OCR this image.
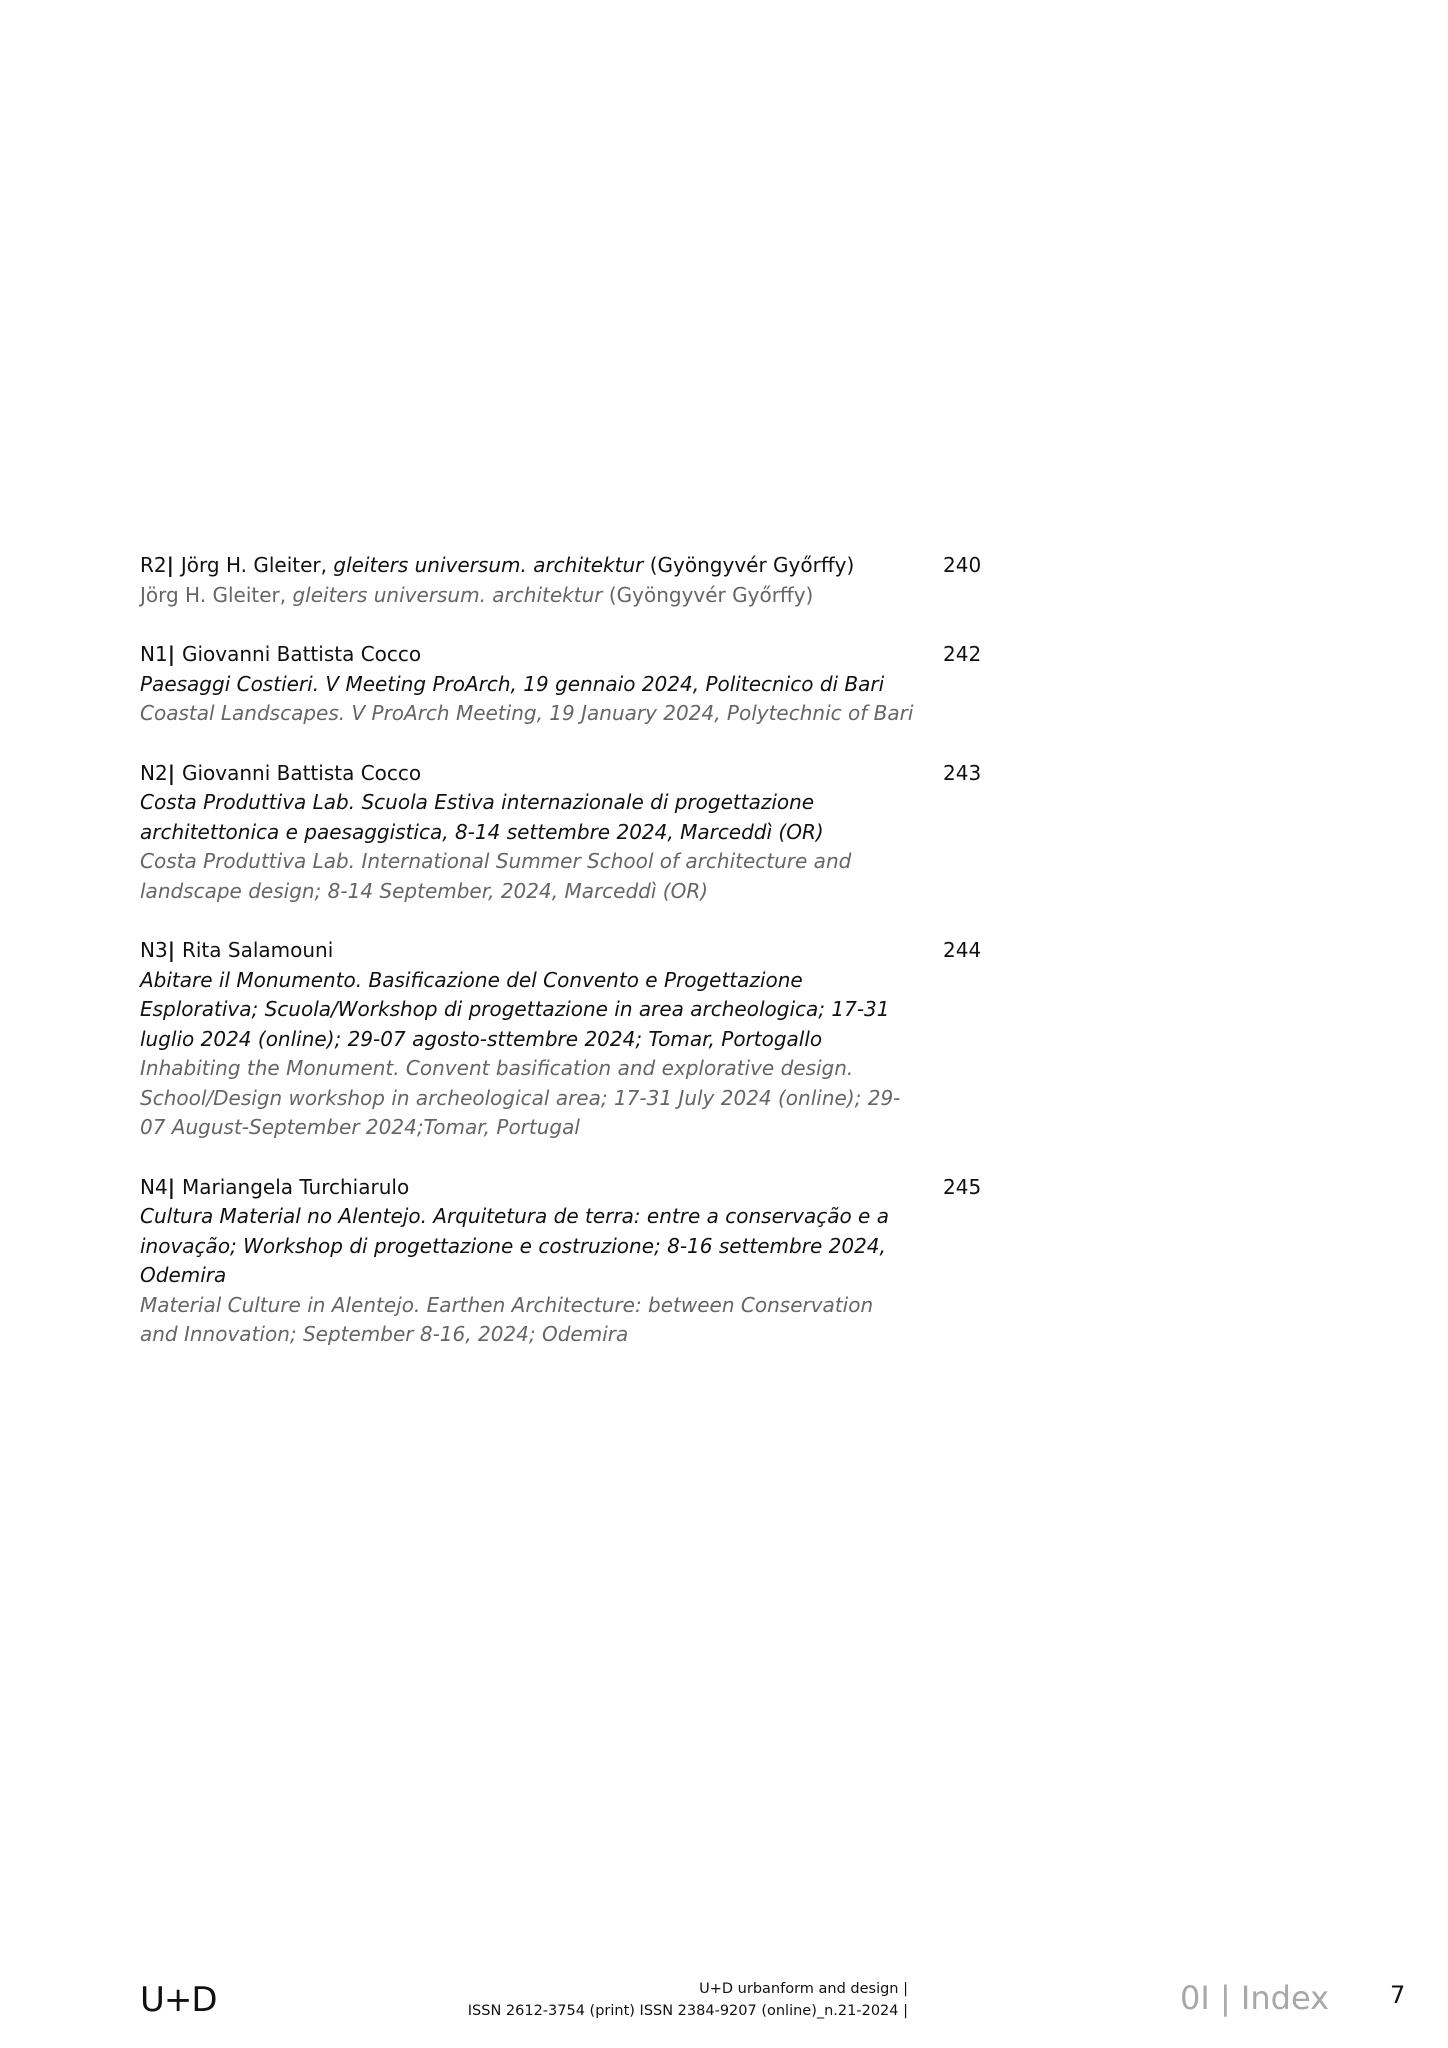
R2| Jörg H. Gleiter, gleiters universum. architektur (Gyöngyvér Győrffy)
Jörg H. Gleiter, gleiters universum. architektur (Gyöngyvér Győrffy)
240
N1| Giovanni Battista Cocco
Paesaggi Costieri. V Meeting ProArch, 19 gennaio 2024, Politecnico di Bari
Coastal Landscapes. V ProArch Meeting, 19 January 2024, Polytechnic of Bari
242
N2| Giovanni Battista Cocco
Costa Produttiva Lab. Scuola Estiva internazionale di progettazione
architettonica e paesaggistica, 8-14 settembre 2024, Marceddì (OR)
Costa Produttiva Lab. International Summer School of architecture and
landscape design; 8-14 September, 2024, Marceddì (OR)
243
N3| Rita Salamouni
Abitare il Monumento. Basificazione del Convento e Progettazione
Esplorativa; Scuola/Workshop di progettazione in area archeologica; 17-31
luglio 2024 (online); 29-07 agosto-sttembre 2024; Tomar, Portogallo
Inhabiting the Monument. Convent basification and explorative design.
School/Design workshop in archeological area; 17-31 July 2024 (online); 29-
07 August-September 2024;Tomar, Portugal
244
N4| Mariangela Turchiarulo
Cultura Material no Alentejo. Arquitetura de terra: entre a conservação e a
inovação; Workshop di progettazione e costruzione; 8-16 settembre 2024,
Odemira
Material Culture in Alentejo. Earthen Architecture: between Conservation
and Innovation; September 8-16, 2024; Odemira
245
U+D	U+D urbanform and design |
ISSN 2612-3754 (print) ISSN 2384-9207 (online)_n.21-2024 |	0I | Index	7
